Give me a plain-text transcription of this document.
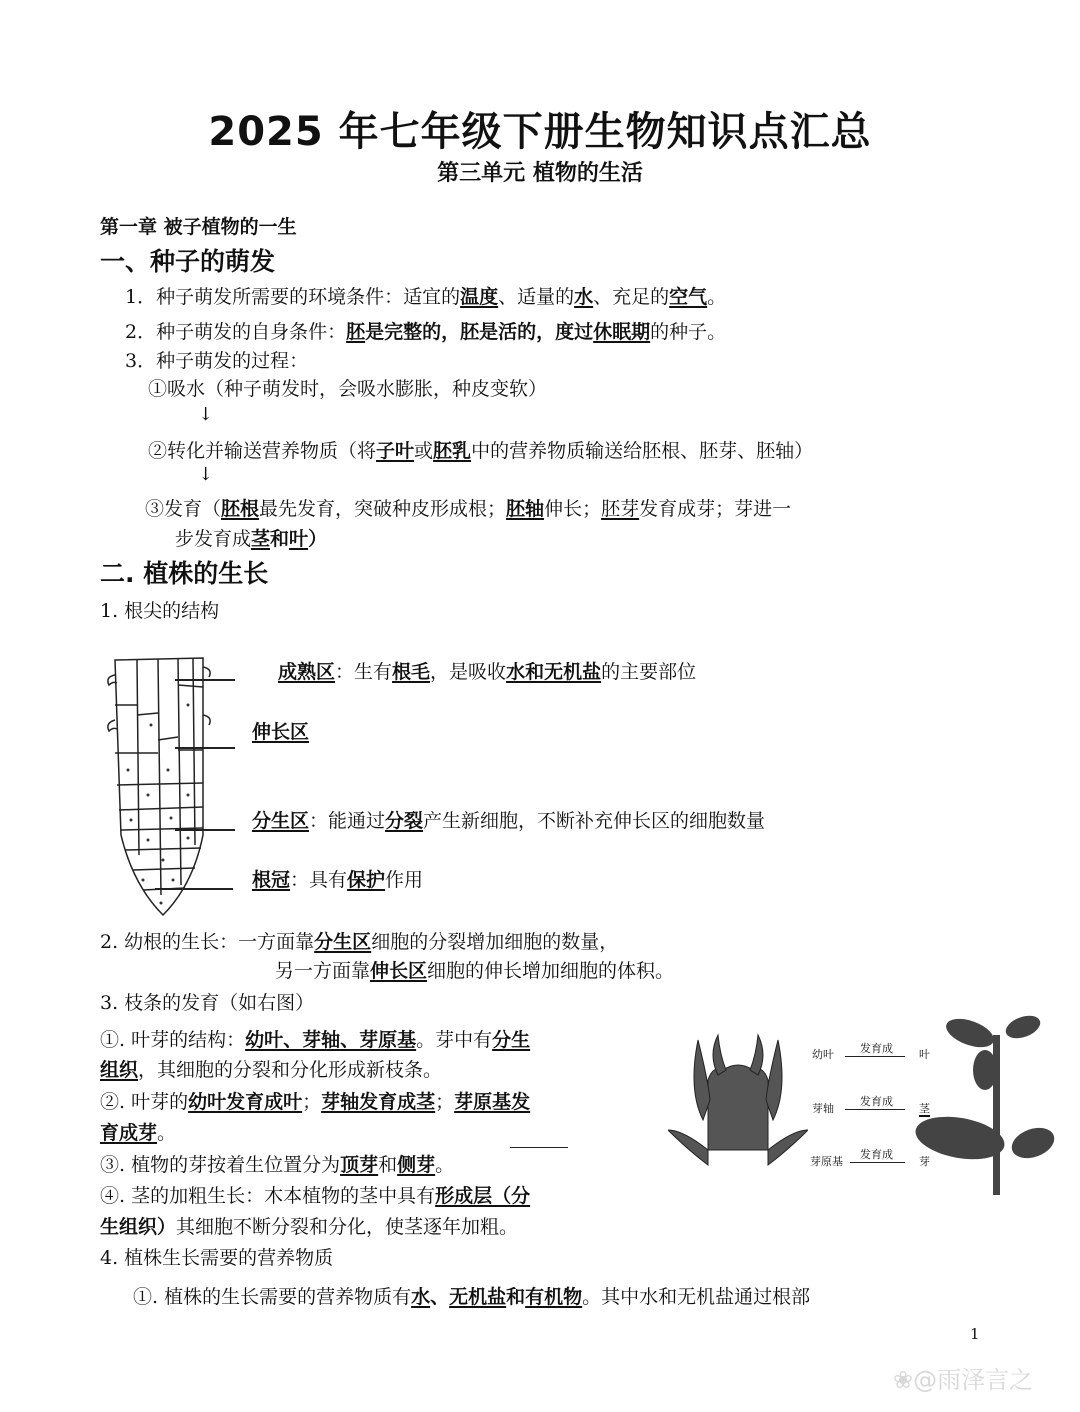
2025 年七年级下册生物知识点汇总
第三单元 植物的生活
第一章 被子植物的一生
一、种子的萌发
1．种子萌发所需要的环境条件：适宜的温度、适量的水、充足的空气。
2．种子萌发的自身条件：胚是完整的，胚是活的，度过休眠期的种子。
3．种子萌发的过程：
①吸水（种子萌发时，会吸水膨胀，种皮变软）
↓
②转化并输送营养物质（将子叶或胚乳中的营养物质输送给胚根、胚芽、胚轴）
↓
③发育（胚根最先发育，突破种皮形成根；胚轴伸长；胚芽发育成芽；芽进一
步发育成茎和叶）
二. 植株的生长
1. 根尖的结构
成熟区：生有根毛，是吸收水和无机盐的主要部位
伸长区
分生区：能通过分裂产生新细胞，不断补充伸长区的细胞数量
根冠：具有保护作用
2. 幼根的生长：一方面靠分生区细胞的分裂增加细胞的数量，
另一方面靠伸长区细胞的伸长增加细胞的体积。
3. 枝条的发育（如右图）
①. 叶芽的结构：幼叶、芽轴、芽原基。芽中有分生
组织，其细胞的分裂和分化形成新枝条。
②. 叶芽的幼叶发育成叶；芽轴发育成茎；芽原基发
育成芽。
③. 植物的芽按着生位置分为顶芽和侧芽。
④. 茎的加粗生长：木本植物的茎中具有形成层（分
生组织）其细胞不断分裂和分化，使茎逐年加粗。
幼叶 发育成 叶
芽轴
发育成
茎
芽原基
发育成
芽
4. 植株生长需要的营养物质
①. 植株的生长需要的营养物质有水、无机盐和有机物。其中水和无机盐通过根部
1
❀@雨泽言之
